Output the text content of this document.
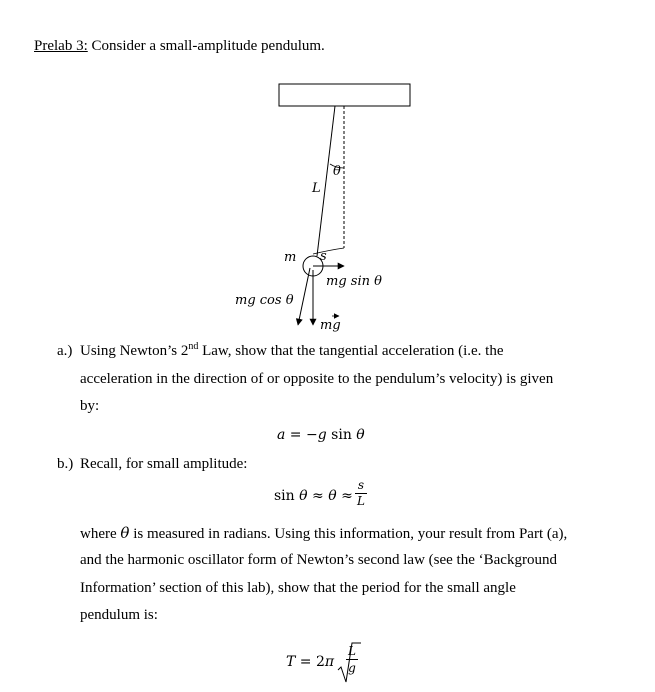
Prelab 3: Consider a small-amplitude pendulum.
L
θ
m s
mg sin θ
mg cos θ
mg
a.) Using Newton’s 2nd Law, show that the tangential acceleration (i.e. the
acceleration in the direction of or opposite to the pendulum’s velocity) is given
by:
a = −g sin θ
b.) Recall, for small amplitude:
$\sin \theta \approx \theta \approx \frac{s}{L}$
where θ is measured in radians. Using this information, your result from Part (a),
and the harmonic oscillator form of Newton’s second law (see the ‘Background
Information’ section of this lab), show that the period for the small angle
pendulum is:
$T = 2\pi \frac{L}{g}$
